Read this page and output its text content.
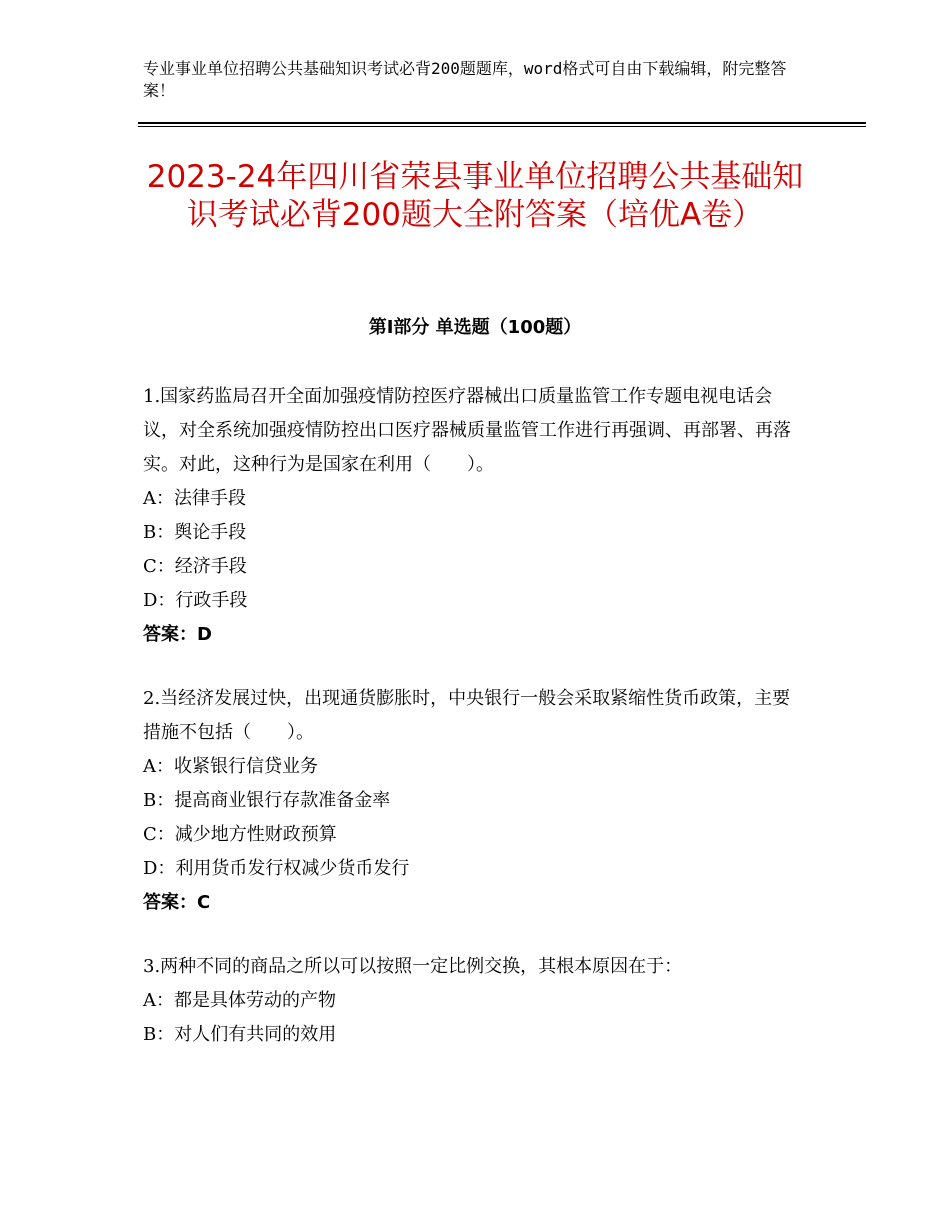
专业事业单位招聘公共基础知识考试必背200题题库，word格式可自由下载编辑，附完整答案！
2023-24年四川省荣县事业单位招聘公共基础知识考试必背200题大全附答案（培优A卷）
第Ⅰ部分 单选题（100题）

1.国家药监局召开全面加强疫情防控医疗器械出口质量监管工作专题电视电话会议，对全系统加强疫情防控出口医疗器械质量监管工作进行再强调、再部署、再落实。对此，这种行为是国家在利用（　　）。

A：法律手段

B：舆论手段

C：经济手段

D：行政手段

答案：D

2.当经济发展过快，出现通货膨胀时，中央银行一般会采取紧缩性货币政策，主要措施不包括（　　）。

A：收紧银行信贷业务

B：提高商业银行存款准备金率

C：减少地方性财政预算

D：利用货币发行权减少货币发行

答案：C

3.两种不同的商品之所以可以按照一定比例交换，其根本原因在于：

A：都是具体劳动的产物

B：对人们有共同的效用
